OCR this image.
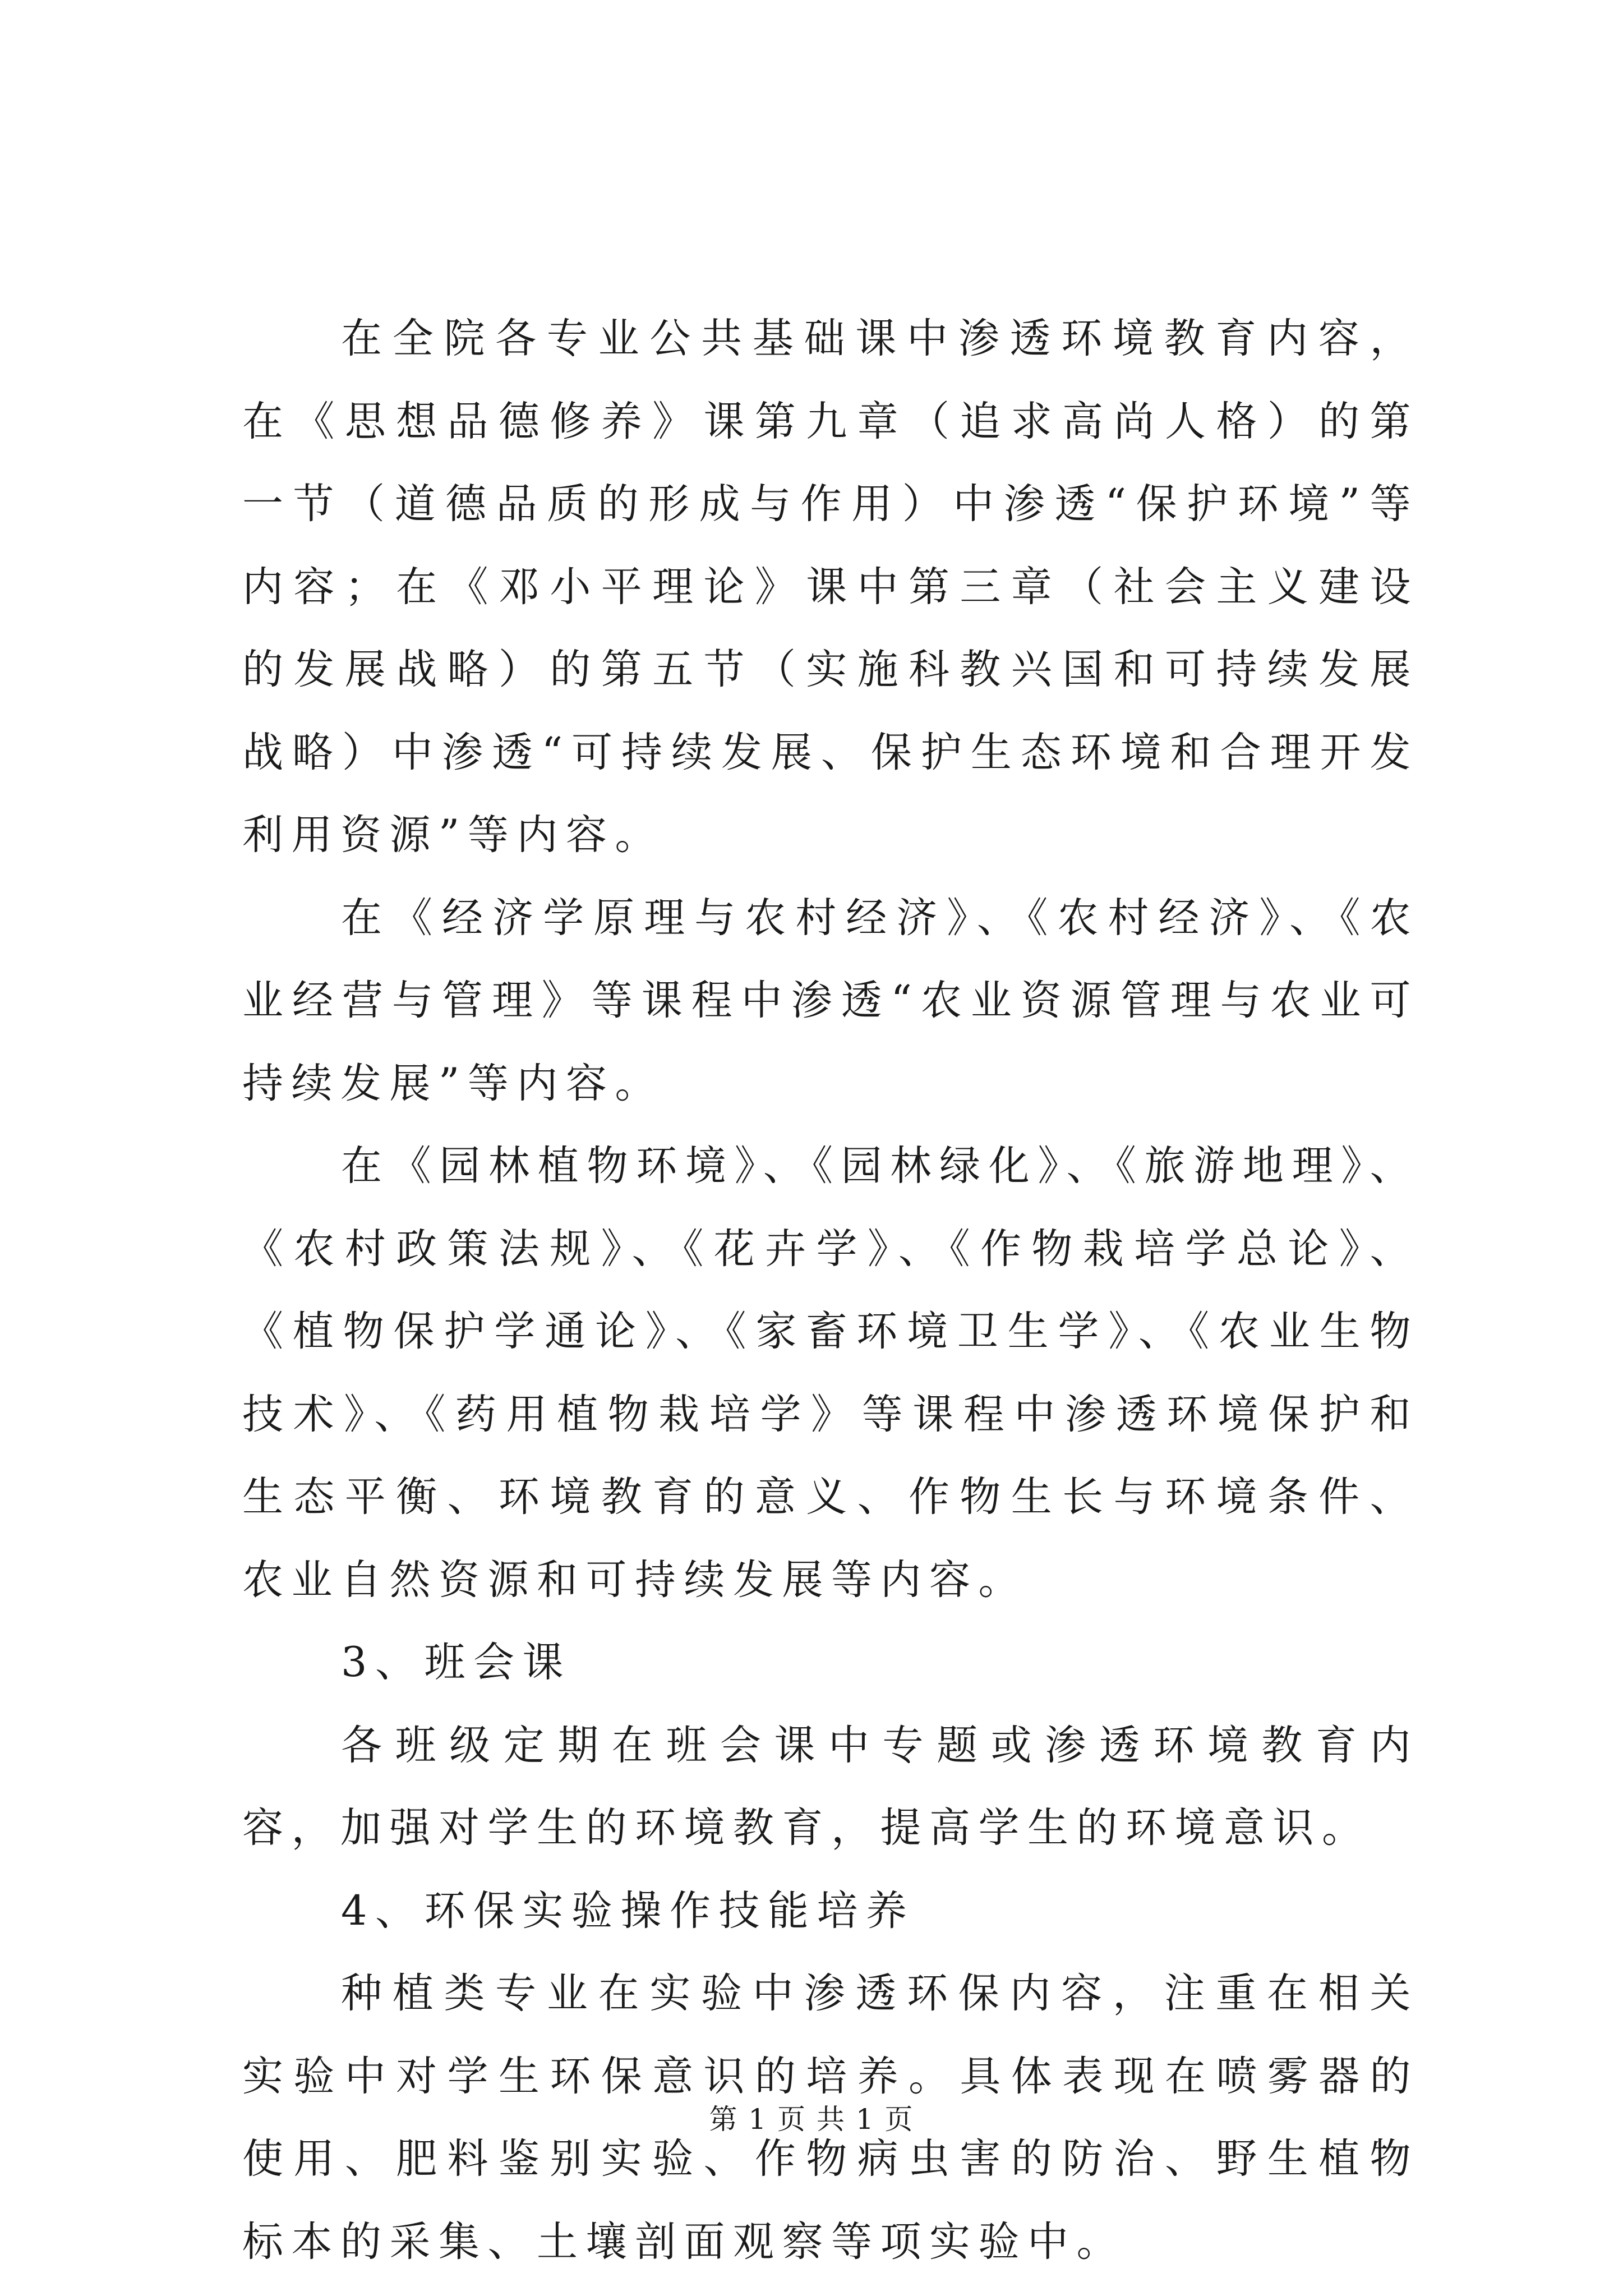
在全院各专业公共基础课中渗透环境教育内容，在《思想品德修养》课第九章（追求高尚人格）的第一节（道德品质的形成与作用）中渗透“保护环境”等内容；在《邓小平理论》课中第三章（社会主义建设的发展战略）的第五节（实施科教兴国和可持续发展战略）中渗透“可持续发展、保护生态环境和合理开发利用资源”等内容。

在《经济学原理与农村经济》、《农村经济》、《农业经营与管理》等课程中渗透“农业资源管理与农业可持续发展”等内容。

在《园林植物环境》、《园林绿化》、《旅游地理》、《农村政策法规》、《花卉学》、《作物栽培学总论》、《植物保护学通论》、《家畜环境卫生学》、《农业生物技术》、《药用植物栽培学》等课程中渗透环境保护和生态平衡、环境教育的意义、作物生长与环境条件、农业自然资源和可持续发展等内容。

3、班会课

各班级定期在班会课中专题或渗透环境教育内容，加强对学生的环境教育，提高学生的环境意识。

4、环保实验操作技能培养

种植类专业在实验中渗透环保内容，注重在相关实验中对学生环保意识的培养。具体表现在喷雾器的使用、肥料鉴别实验、作物病虫害的防治、野生植物标本的采集、土壤剖面观察等项实验中。

第 1 页 共 1 页
